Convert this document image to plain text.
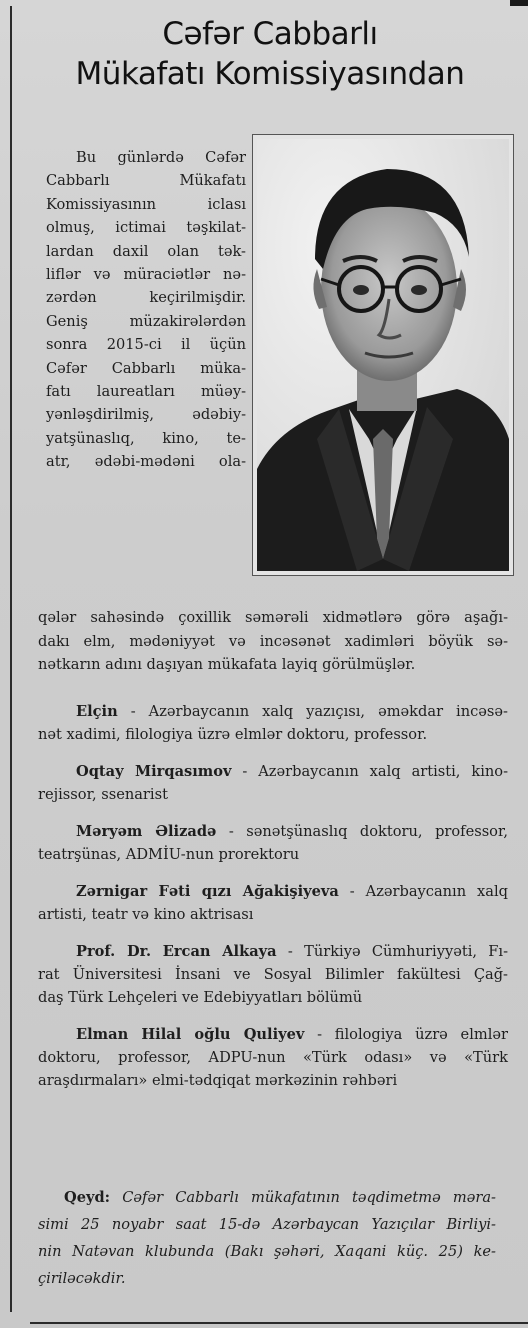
Cəfər Cabbarlı
Mükafatı Komissiyasından
Bu günlərdə Cəfər
Cabbarlı Mükafatı
Komissiyasının iclası
olmuş, ictimai təşkilat-
lardan daxil olan tək-
liflər və müraciətlər nə-
zərdən keçirilmişdir.
Geniş müzakirələrdən
sonra 2015-ci il üçün
Cəfər Cabbarlı müka-
fatı laureatları müəy-
yənləşdirilmiş, ədəbiy-
yatşünaslıq, kino, te-
atr, ədəbi-mədəni ola-
qələr sahəsində çoxillik səmərəli xidmətlərə görə aşağı-
dakı elm, mədəniyyət və incəsənət xadimləri böyük sə-
nətkarın adını daşıyan mükafata layiq görülmüşlər.
Elçin - Azərbaycanın xalq yazıçısı, əməkdar incəsə-
nət xadimi, filologiya üzrə elmlər doktoru, professor.
Oqtay Mirqasımov - Azərbaycanın xalq artisti, kino-
rejissor, ssenarist
Məryəm Əlizadə - sənətşünaslıq doktoru, professor,
teatrşünas, ADMİU-nun prorektoru
Zərnigar Fəti qızı Ağakişiyeva - Azərbaycanın xalq
artisti, teatr və kino aktrisası
Prof. Dr. Ercan Alkaya - Türkiyə Cümhuriyyəti, Fı-
rat Üniversitesi İnsani ve Sosyal Bilimler fakültesi Çağ-
daş Türk Lehçeleri ve Edebiyyatları bölümü
Elman Hilal oğlu Quliyev - filologiya üzrə elmlər
doktoru, professor, ADPU-nun «Türk odası» və «Türk
araşdırmaları» elmi-tədqiqat mərkəzinin rəhbəri
Qeyd: Cəfər Cabbarlı mükafatının təqdimetmə mərа-
simi 25 noyabr saat 15-də Azərbaycan Yazıçılar Birliyi-
nin Natəvan klubunda (Bakı şəhəri, Xaqani küç. 25) ke-
çiriləcəkdir.
